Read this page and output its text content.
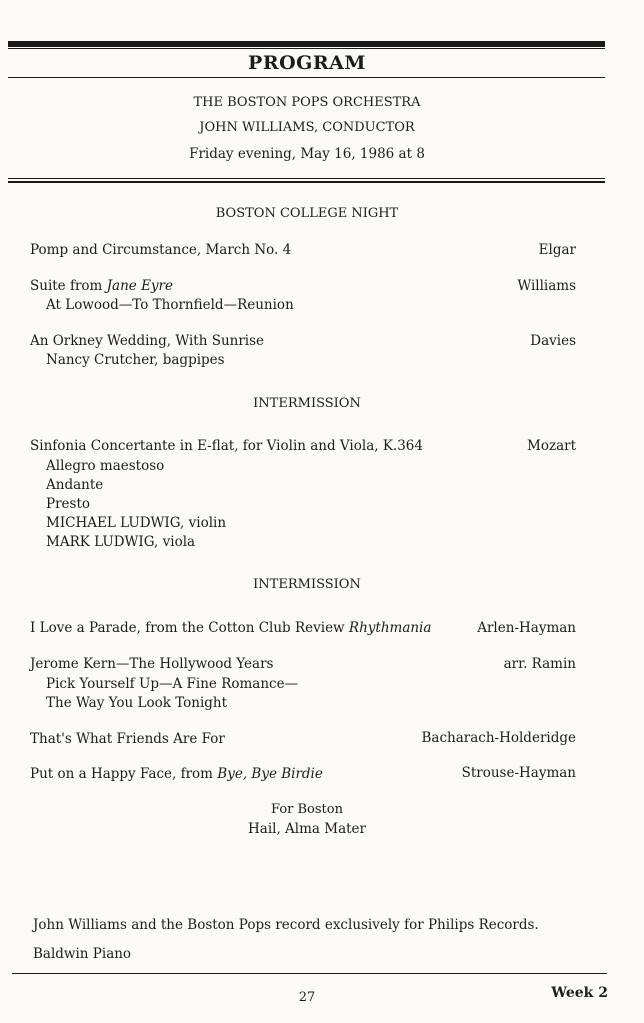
PROGRAM
THE BOSTON POPS ORCHESTRA
JOHN WILLIAMS, CONDUCTOR
Friday evening, May 16, 1986 at 8
BOSTON COLLEGE NIGHT
Pomp and Circumstance, March No. 4	Elgar
Suite from Jane Eyre	Williams
At Lowood—To Thornfield—Reunion
An Orkney Wedding, With Sunrise	Davies
Nancy Crutcher, bagpipes
INTERMISSION
Sinfonia Concertante in E-flat, for Violin and Viola, K.364	Mozart
Allegro maestoso
Andante
Presto
MICHAEL LUDWIG, violin
MARK LUDWIG, viola
INTERMISSION
I Love a Parade, from the Cotton Club Review Rhythmania	Arlen-Hayman
Jerome Kern—The Hollywood Years	arr. Ramin
Pick Yourself Up—A Fine Romance—
The Way You Look Tonight
That's What Friends Are For	Bacharach-Holderidge
Put on a Happy Face, from Bye, Bye Birdie	Strouse-Hayman
For Boston
Hail, Alma Mater
John Williams and the Boston Pops record exclusively for Philips Records.
Baldwin Piano
27	Week 2
